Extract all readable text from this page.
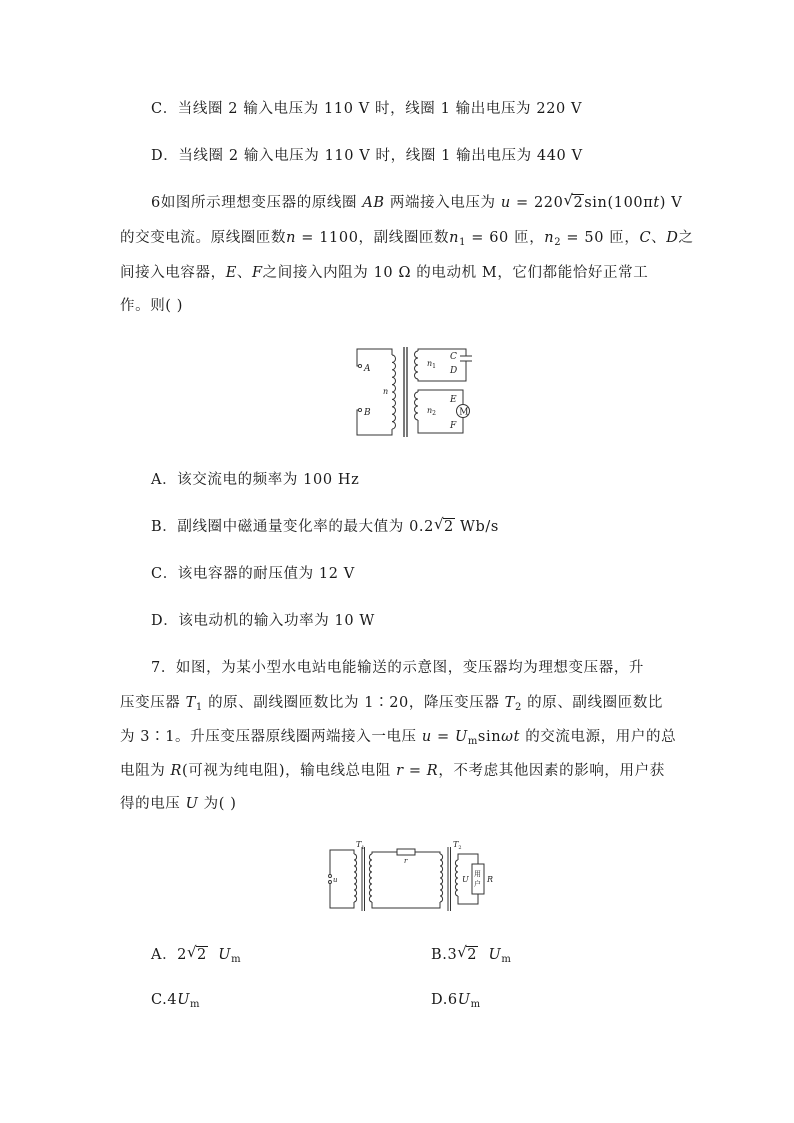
C．当线圈 2 输入电压为 110 V 时，线圈 1 输出电压为 220 V
D．当线圈 2 输入电压为 110 V 时，线圈 1 输出电压为 440 V
6如图所示理想变压器的原线圈 AB 两端接入电压为 u = 220 √ 2sin(100πt) V
的交变电流。原线圈匝数n = 1100，副线圈匝数$n_1 = 60$ 匝，$n_2 = 50$ 匝，C、D之
间接入电容器，E、F之间接入内阻为 10 Ω 的电动机 M，它们都能恰好正常工
作。则( )
A
B
n
$n_1$
$n_2$
C
D
E
F
M
A．该交流电的频率为 100 Hz
B．副线圈中磁通量变化率的最大值为 0.2 √ 2 Wb/s
C．该电容器的耐压值为 12 V
D．该电动机的输入功率为 10 W
7．如图，为某小型水电站电能输送的示意图，变压器均为理想变压器，升
压变压器 $T_1$ 的原、副线圈匝数比为 1∶20，降压变压器 $T_2$ 的原、副线圈匝数比
为 3∶1。升压变压器原线圈两端接入一电压 $u = U_m\sin\omega t$ 的交流电源，用户的总
电阻为 R(可视为纯电阻)，输电线总电阻 r = R，不考虑其他因素的影响，用户获
得的电压 U 为( )
u
$T_1$	$T_2$
r
U
用
户 R
A．2 √ 2 $U_m$	B.3 √ 2 $U_m$
$C.4U_m$	$D.6U_m$
